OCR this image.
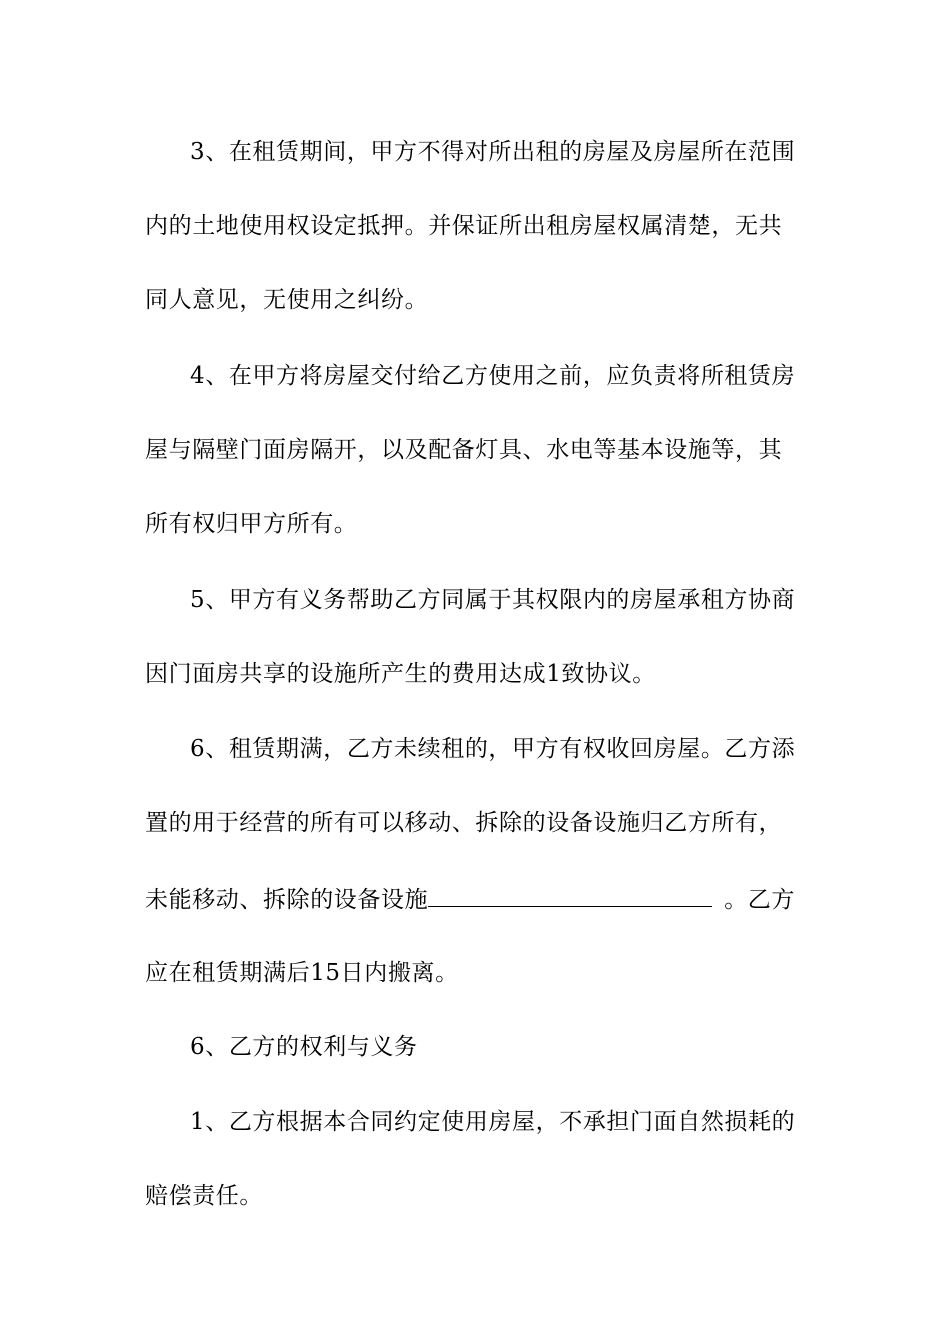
3、在租赁期间，甲方不得对所出租的房屋及房屋所在范围
内的土地使用权设定抵押。并保证所出租房屋权属清楚，无共
同人意见，无使用之纠纷。
4、在甲方将房屋交付给乙方使用之前，应负责将所租赁房
屋与隔壁门面房隔开，以及配备灯具、水电等基本设施等，其
所有权归甲方所有。
5、甲方有义务帮助乙方同属于其权限内的房屋承租方协商
因门面房共享的设施所产生的费用达成1致协议。
6、租赁期满，乙方未续租的，甲方有权收回房屋。乙方添
置的用于经营的所有可以移动、拆除的设备设施归乙方所有，
未能移动、拆除的设备设施	。乙方
应在租赁期满后15日内搬离。
6、乙方的权利与义务
1、乙方根据本合同约定使用房屋，不承担门面自然损耗的
赔偿责任。
